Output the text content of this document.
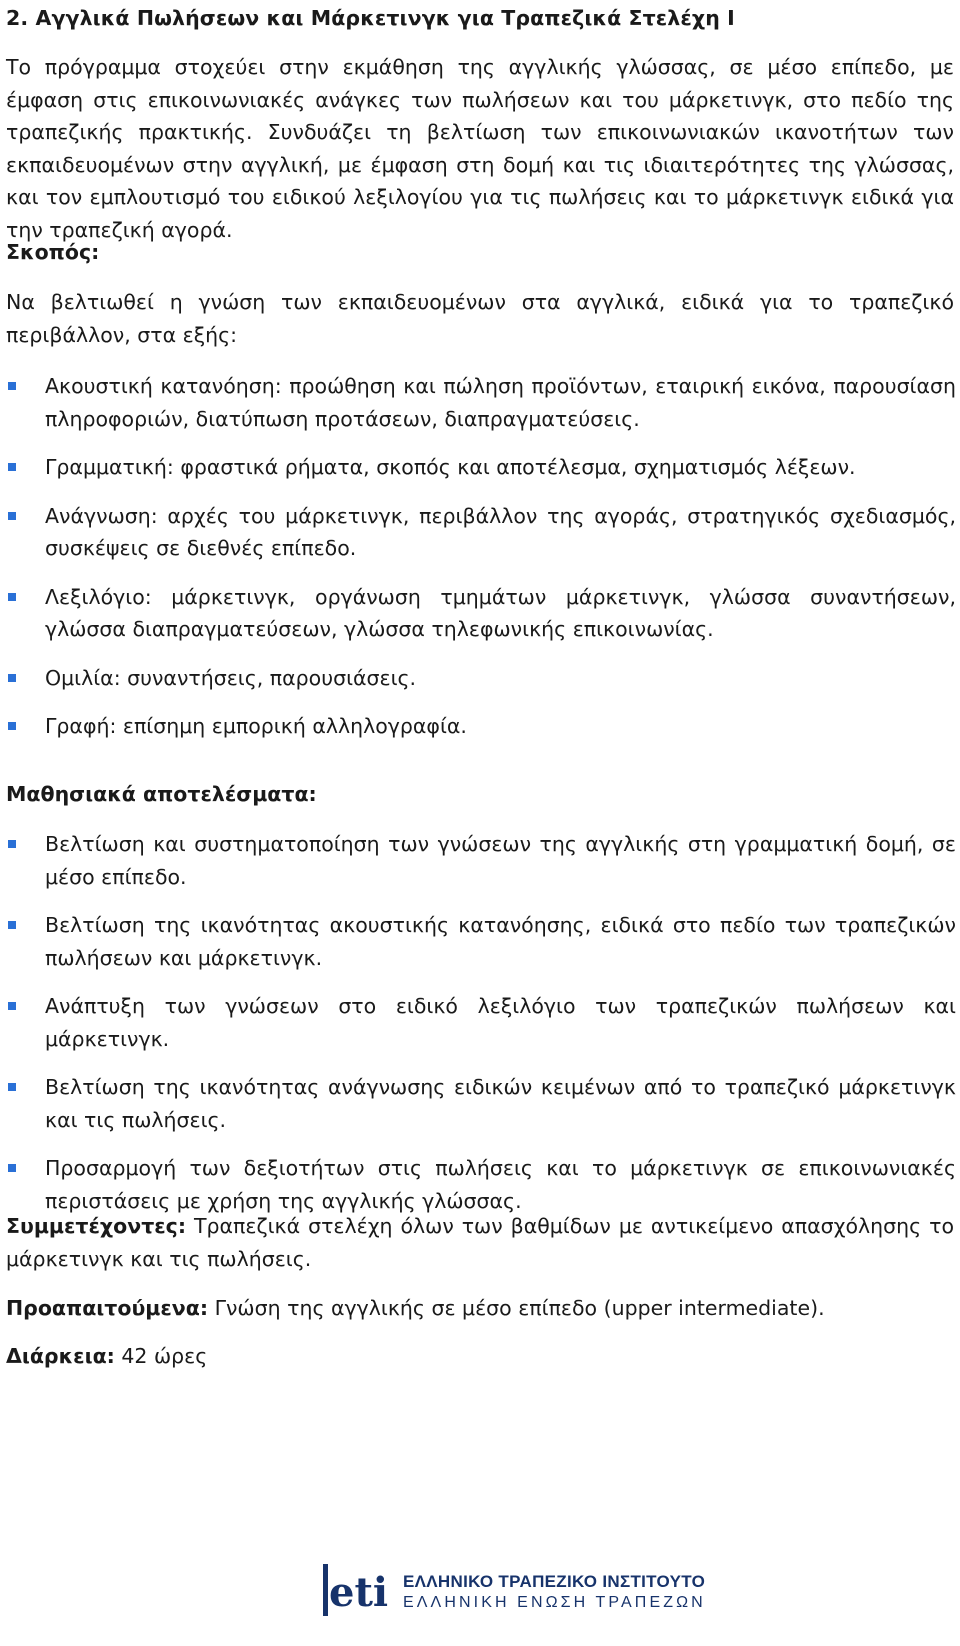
2. Αγγλικά Πωλήσεων και Μάρκετινγκ για Τραπεζικά Στελέχη Ι

Το πρόγραμμα στοχεύει στην εκμάθηση της αγγλικής γλώσσας, σε μέσο επίπεδο, με έμφαση στις επικοινωνιακές ανάγκες των πωλήσεων και του μάρκετινγκ, στο πεδίο της τραπεζικής πρακτικής. Συνδυάζει τη βελτίωση των επικοινωνιακών ικανοτήτων των εκπαιδευομένων στην αγγλική, με έμφαση στη δομή και τις ιδιαιτερότητες της γλώσσας, και τον εμπλουτισμό του ειδικού λεξιλογίου για τις πωλήσεις και το μάρκετινγκ ειδικά για την τραπεζική αγορά.

Σκοπός:

Να βελτιωθεί η γνώση των εκπαιδευομένων στα αγγλικά, ειδικά για το τραπεζικό περιβάλλον, στα εξής:

Ακουστική κατανόηση: προώθηση και πώληση προϊόντων, εταιρική εικόνα, παρουσίαση πληροφοριών, διατύπωση προτάσεων, διαπραγματεύσεις.
Γραμματική: φραστικά ρήματα, σκοπός και αποτέλεσμα, σχηματισμός λέξεων.
Ανάγνωση: αρχές του μάρκετινγκ, περιβάλλον της αγοράς, στρατηγικός σχεδιασμός, συσκέψεις σε διεθνές επίπεδο.
Λεξιλόγιο: μάρκετινγκ, οργάνωση τμημάτων μάρκετινγκ, γλώσσα συναντήσεων, γλώσσα διαπραγματεύσεων, γλώσσα τηλεφωνικής επικοινωνίας.
Ομιλία: συναντήσεις, παρουσιάσεις.
Γραφή: επίσημη εμπορική αλληλογραφία.
Μαθησιακά αποτελέσματα:
Βελτίωση και συστηματοποίηση των γνώσεων της αγγλικής στη γραμματική δομή, σε μέσο επίπεδο.
Βελτίωση της ικανότητας ακουστικής κατανόησης, ειδικά στο πεδίο των τραπεζικών πωλήσεων και μάρκετινγκ.
Ανάπτυξη των γνώσεων στο ειδικό λεξιλόγιο των τραπεζικών πωλήσεων και μάρκετινγκ.
Βελτίωση της ικανότητας ανάγνωσης ειδικών κειμένων από το τραπεζικό μάρκετινγκ και τις πωλήσεις.
Προσαρμογή των δεξιοτήτων στις πωλήσεις και το μάρκετινγκ σε επικοινωνιακές περιστάσεις με χρήση της αγγλικής γλώσσας.

Συμμετέχοντες: Τραπεζικά στελέχη όλων των βαθμίδων με αντικείμενο απασχόλησης το μάρκετινγκ και τις πωλήσεις.

Προαπαιτούμενα: Γνώση της αγγλικής σε μέσο επίπεδο (upper intermediate).

Διάρκεια: 42 ώρες

eti ΕΛΛΗΝΙΚΟ ΤΡΑΠΕΖΙΚΟ ΙΝΣΤΙΤΟΥΤΟ
ΕΛΛΗΝΙΚΗ ΕΝΩΣΗ ΤΡΑΠΕΖΩΝ
